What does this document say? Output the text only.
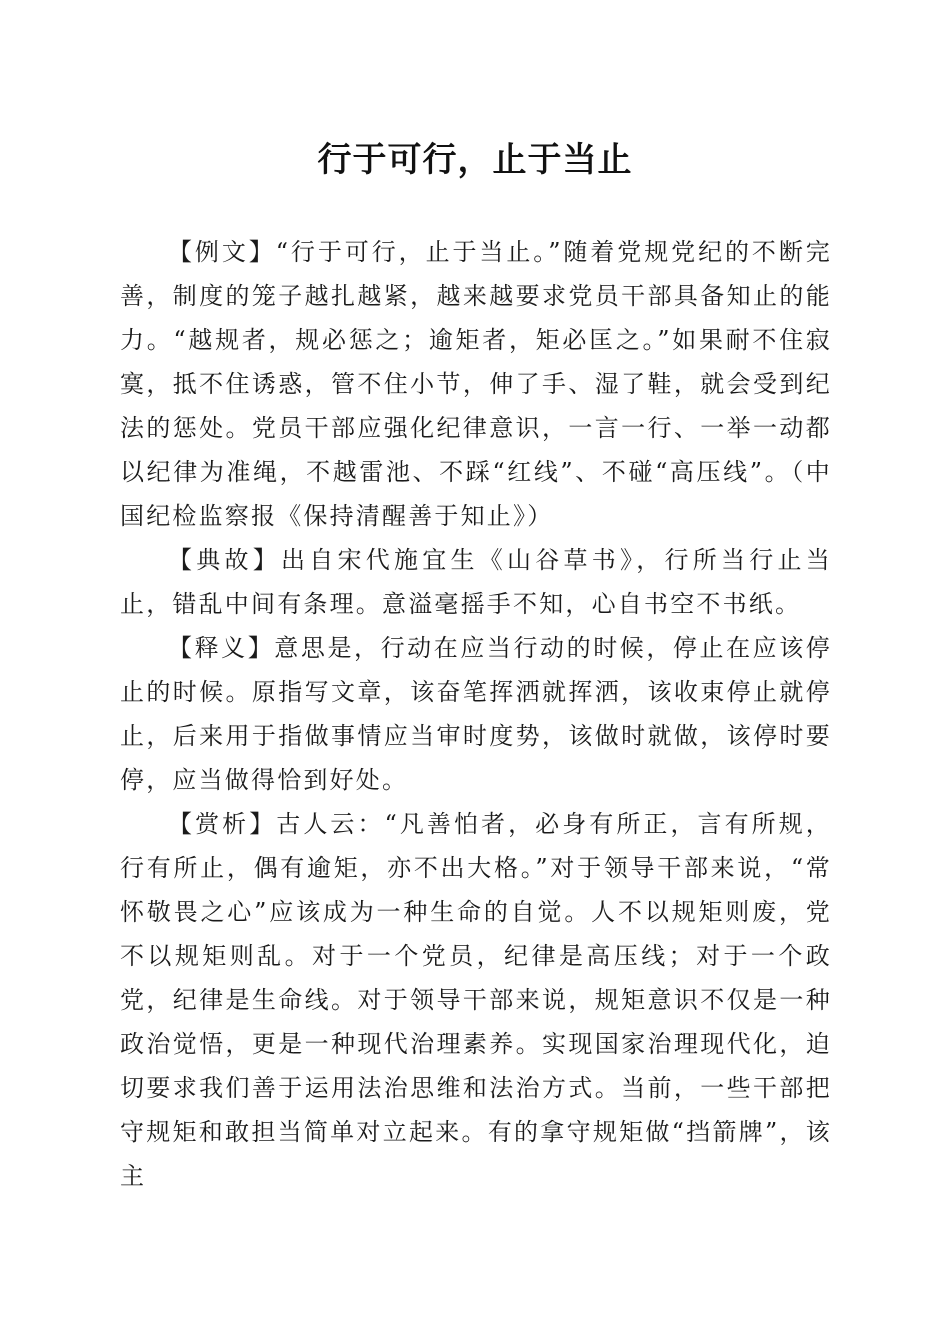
行于可行，止于当止

【例文】“行于可行，止于当止。”随着党规党纪的不断完善，制度的笼子越扎越紧，越来越要求党员干部具备知止的能力。“越规者，规必惩之；逾矩者，矩必匡之。”如果耐不住寂寞，抵不住诱惑，管不住小节，伸了手、湿了鞋，就会受到纪法的惩处。党员干部应强化纪律意识，一言一行、一举一动都以纪律为准绳，不越雷池、不踩“红线”、不碰“高压线”。（中国纪检监察报《保持清醒善于知止》）

【典故】出自宋代施宜生《山谷草书》，行所当行止当止，错乱中间有条理。意溢毫摇手不知，心自书空不书纸。

【释义】意思是，行动在应当行动的时候，停止在应该停止的时候。原指写文章，该奋笔挥洒就挥洒，该收束停止就停止，后来用于指做事情应当审时度势，该做时就做，该停时要停，应当做得恰到好处。

【赏析】古人云：“凡善怕者，必身有所正，言有所规，行有所止，偶有逾矩，亦不出大格。”对于领导干部来说，“常怀敬畏之心”应该成为一种生命的自觉。人不以规矩则废，党不以规矩则乱。对于一个党员，纪律是高压线；对于一个政党，纪律是生命线。对于领导干部来说，规矩意识不仅是一种政治觉悟，更是一种现代治理素养。实现国家治理现代化，迫切要求我们善于运用法治思维和法治方式。当前，一些干部把守规矩和敢担当简单对立起来。有的拿守规矩做“挡箭牌”，该主
